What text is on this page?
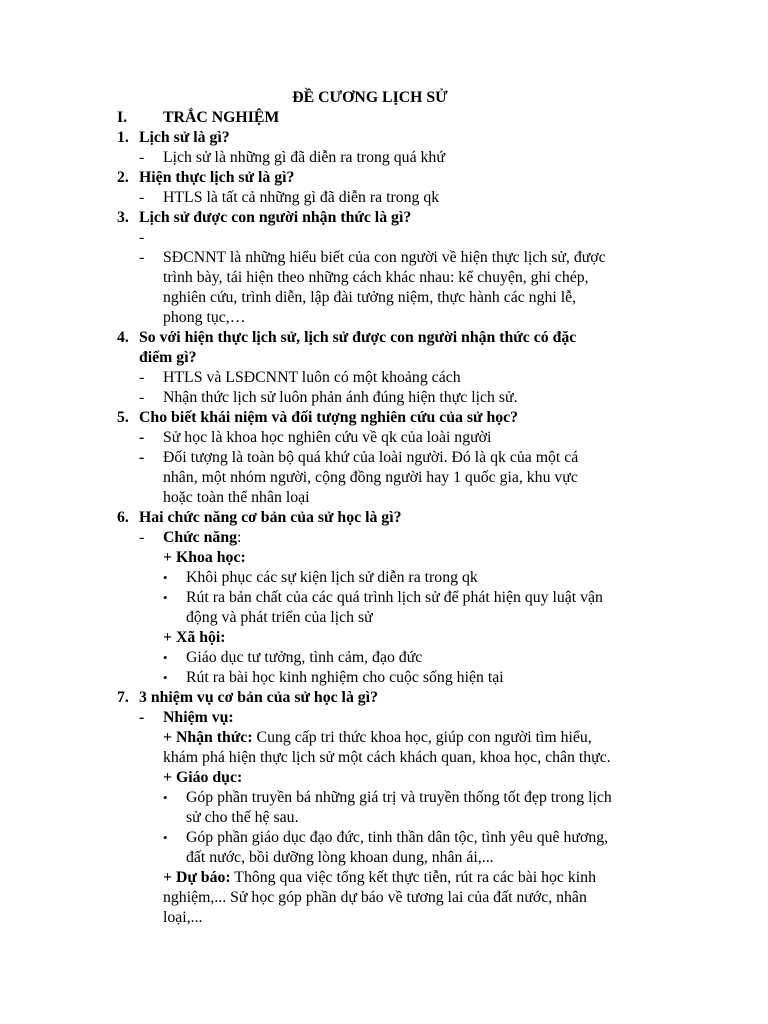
ĐỀ CƯƠNG LỊCH SỬ
I. TRẮC NGHIỆM
1. Lịch sử là gì?
- Lịch sử là những gì đã diễn ra trong quá khứ
2. Hiện thực lịch sử là gì?
- HTLS là tất cả những gì đã diễn ra trong qk
3. Lịch sử được con người nhận thức là gì?
-
- SĐCNNT là những hiểu biết của con người về hiện thực lịch sử, được
trình bày, tái hiện theo những cách khác nhau: kể chuyện, ghi chép,
nghiên cứu, trình diễn, lập đài tưởng niệm, thực hành các nghi lễ,
phong tục,…
4. So với hiện thực lịch sử, lịch sử được con người nhận thức có đặc
điểm gì?
- HTLS và LSĐCNNT luôn có một khoảng cách
- Nhận thức lịch sử luôn phản ánh đúng hiện thực lịch sử.
5. Cho biết khái niệm và đối tượng nghiên cứu của sử học?
- Sử học là khoa học nghiên cứu về qk của loài người
- Đối tượng là toàn bộ quá khứ của loài người. Đó là qk của một cá
nhân, một nhóm người, cộng đồng người hay 1 quốc gia, khu vực
hoặc toàn thể nhân loại
6. Hai chức năng cơ bản của sử học là gì?
- Chức năng:
+ Khoa học:
• Khôi phục các sự kiện lịch sử diễn ra trong qk
• Rút ra bản chất của các quá trình lịch sử để phát hiện quy luật vận
động và phát triển của lịch sử
+ Xã hội:
• Giáo dục tư tưởng, tình cảm, đạo đức
• Rút ra bài học kinh nghiệm cho cuộc sống hiện tại
7. 3 nhiệm vụ cơ bản của sử học là gì?
- Nhiệm vụ:
+ Nhận thức: Cung cấp tri thức khoa học, giúp con người tìm hiểu,
khám phá hiện thực lịch sử một cách khách quan, khoa học, chân thực.
+ Giáo dục:
• Góp phần truyền bá những giá trị và truyền thống tốt đẹp trong lịch
sử cho thế hệ sau.
• Góp phần giáo dục đạo đức, tinh thần dân tộc, tình yêu quê hương,
đất nước, bồi dưỡng lòng khoan dung, nhân ái,...
+ Dự báo: Thông qua việc tổng kết thực tiễn, rút ra các bài học kinh
nghiệm,... Sử học góp phần dự báo về tương lai của đất nước, nhân
loại,...
